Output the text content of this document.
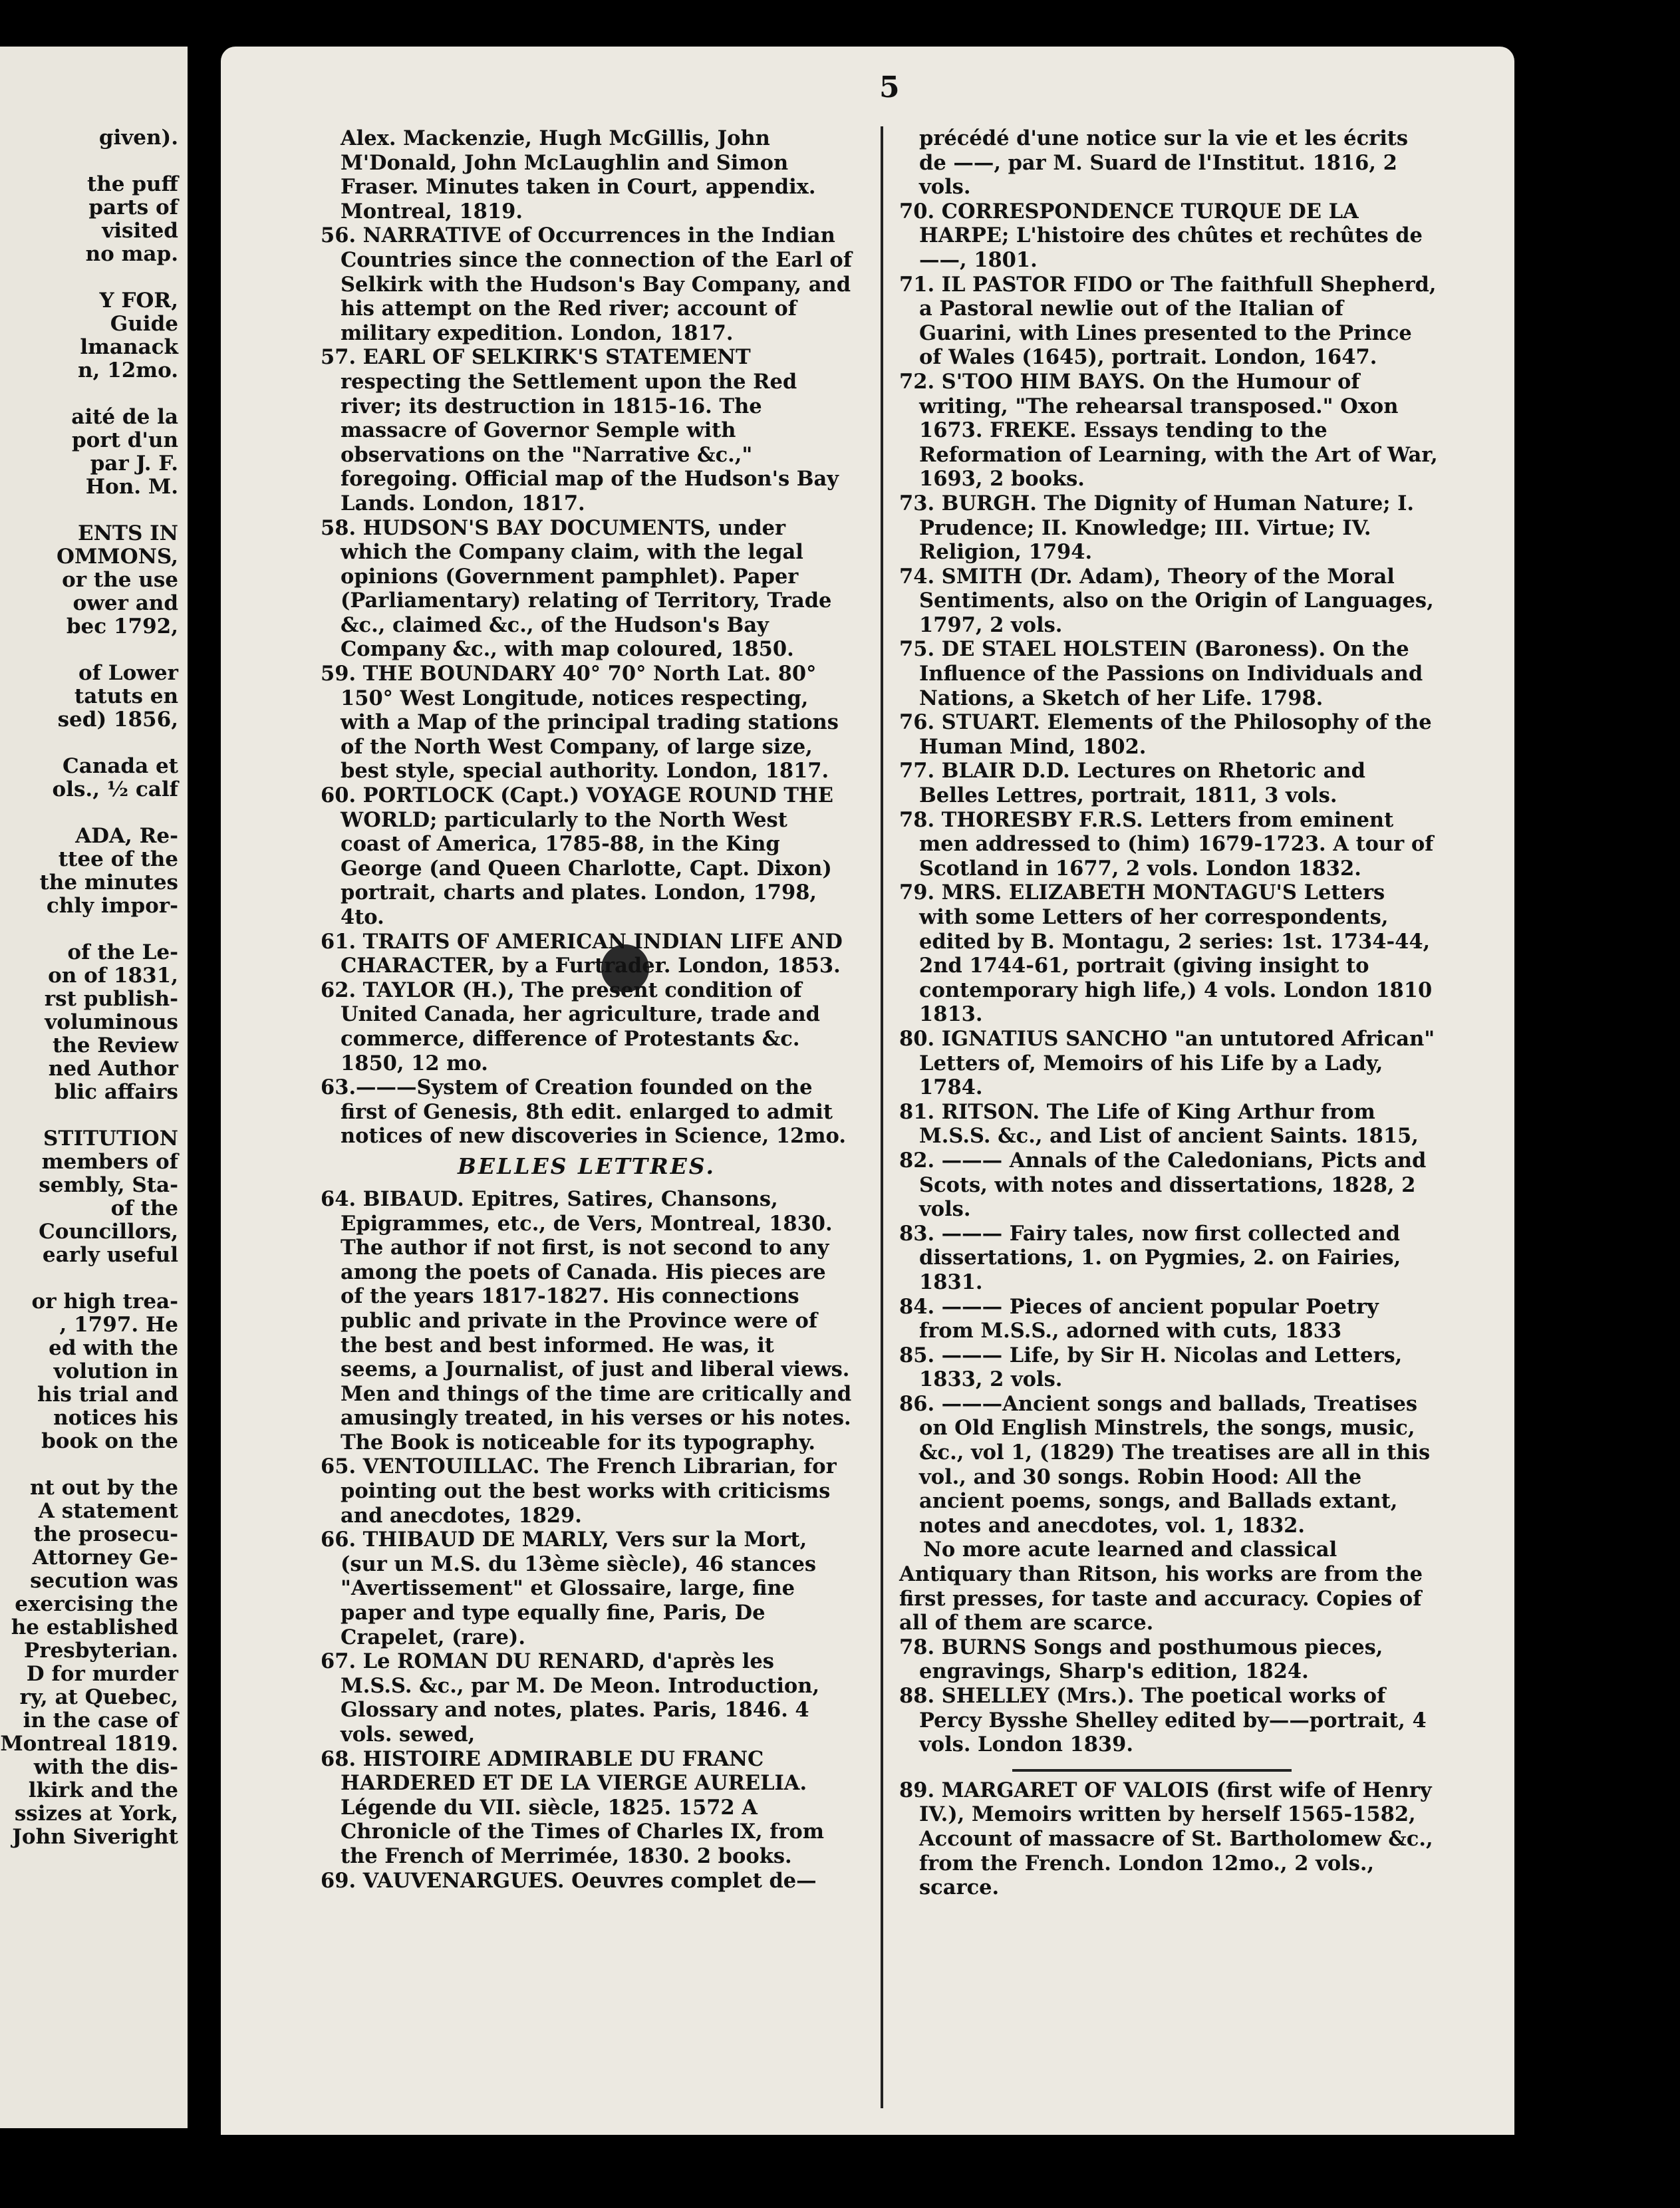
given).
the puff
parts of
visited
no map.
Y FOR,
Guide
lmanack
n, 12mo.
aité de la
port d'un
par J. F.
Hon. M.
ENTS IN
OMMONS,
or the use
ower and
bec 1792,
of Lower
tatuts en
sed) 1856,
Canada et
ols., ½ calf
ADA, Re-
ttee of the
the minutes
chly impor-
of the Le-
on of 1831,
rst publish-
voluminous
the Review
ned Author
blic affairs
STITUTION
members of
sembly, Sta-
of the
Councillors,
early useful
or high trea-
, 1797. He
ed with the
volution in
his trial and
notices his
book on the
nt out by the
A statement
the prosecu-
Attorney Ge-
secution was
exercising the
he established
Presbyterian.
D for murder
ry, at Quebec,
in the case of
Montreal 1819.
with the dis-
lkirk and the
ssizes at York,
John Siveright
5

Alex. Mackenzie, Hugh McGillis, John M'Donald, John McLaughlin and Simon Fraser. Minutes taken in Court, appendix. Montreal, 1819.

56. NARRATIVE of Occurrences in the Indian Countries since the connection of the Earl of Selkirk with the Hudson's Bay Company, and his attempt on the Red river; account of military expedition. London, 1817.

57. EARL OF SELKIRK'S STATEMENT respecting the Settlement upon the Red river; its destruction in 1815-16. The massacre of Governor Semple with observations on the "Narrative &c.," foregoing. Official map of the Hudson's Bay Lands. London, 1817.

58. HUDSON'S BAY DOCUMENTS, under which the Company claim, with the legal opinions (Government pamphlet). Paper (Parliamentary) relating of Territory, Trade &c., claimed &c., of the Hudson's Bay Company &c., with map coloured, 1850.

59. THE BOUNDARY 40° 70° North Lat. 80° 150° West Longitude, notices respecting, with a Map of the principal trading stations of the North West Company, of large size, best style, special authority. London, 1817.

60. PORTLOCK (Capt.) VOYAGE ROUND THE WORLD; particularly to the North West coast of America, 1785-88, in the King George (and Queen Charlotte, Capt. Dixon) portrait, charts and plates. London, 1798, 4to.

61. TRAITS OF AMERICAN INDIAN LIFE AND CHARACTER, by a Furtrader. London, 1853.

62. TAYLOR (H.), The present condition of United Canada, her agriculture, trade and commerce, difference of Protestants &c. 1850, 12 mo.

63.———System of Creation founded on the first of Genesis, 8th edit. enlarged to admit notices of new discoveries in Science, 12mo.

BELLES LETTRES.

64. BIBAUD. Epitres, Satires, Chansons, Epigrammes, etc., de Vers, Montreal, 1830. The author if not first, is not second to any among the poets of Canada. His pieces are of the years 1817-1827. His connections public and private in the Province were of the best and best informed. He was, it seems, a Journalist, of just and liberal views. Men and things of the time are critically and amusingly treated, in his verses or his notes. The Book is noticeable for its typography.

65. VENTOUILLAC. The French Librarian, for pointing out the best works with criticisms and anecdotes, 1829.

66. THIBAUD DE MARLY, Vers sur la Mort, (sur un M.S. du 13ème siècle), 46 stances "Avertissement" et Glossaire, large, fine paper and type equally fine, Paris, De Crapelet, (rare).

67. Le ROMAN DU RENARD, d'après les M.S.S. &c., par M. De Meon. Introduction, Glossary and notes, plates. Paris, 1846. 4 vols. sewed,

68. HISTOIRE ADMIRABLE DU FRANC HARDERED ET DE LA VIERGE AURELIA. Légende du VII. siècle, 1825. 1572 A Chronicle of the Times of Charles IX, from the French of Merrimée, 1830. 2 books.

69. VAUVENARGUES. Oeuvres complet de—

précédé d'une notice sur la vie et les écrits de ——, par M. Suard de l'Institut. 1816, 2 vols.

70. CORRESPONDENCE TURQUE DE LA HARPE; L'histoire des chûtes et rechûtes de——, 1801.

71. IL PASTOR FIDO or The faithfull Shepherd, a Pastoral newlie out of the Italian of Guarini, with Lines presented to the Prince of Wales (1645), portrait. London, 1647.

72. S'TOO HIM BAYS. On the Humour of writing, "The rehearsal transposed." Oxon 1673. FREKE. Essays tending to the Reformation of Learning, with the Art of War, 1693, 2 books.

73. BURGH. The Dignity of Human Nature; I. Prudence; II. Knowledge; III. Virtue; IV. Religion, 1794.

74. SMITH (Dr. Adam), Theory of the Moral Sentiments, also on the Origin of Languages, 1797, 2 vols.

75. DE STAEL HOLSTEIN (Baroness). On the Influence of the Passions on Individuals and Nations, a Sketch of her Life. 1798.

76. STUART. Elements of the Philosophy of the Human Mind, 1802.

77. BLAIR D.D. Lectures on Rhetoric and Belles Lettres, portrait, 1811, 3 vols.

78. THORESBY F.R.S. Letters from eminent men addressed to (him) 1679-1723. A tour of Scotland in 1677, 2 vols. London 1832.

79. MRS. ELIZABETH MONTAGU'S Letters with some Letters of her correspondents, edited by B. Montagu, 2 series: 1st. 1734-44, 2nd 1744-61, portrait (giving insight to contemporary high life,) 4 vols. London 1810 1813.

80. IGNATIUS SANCHO "an untutored African" Letters of, Memoirs of his Life by a Lady, 1784.

81. RITSON. The Life of King Arthur from M.S.S. &c., and List of ancient Saints. 1815,

82. ——— Annals of the Caledonians, Picts and Scots, with notes and dissertations, 1828, 2 vols.

83. ——— Fairy tales, now first collected and dissertations, 1. on Pygmies, 2. on Fairies, 1831.

84. ——— Pieces of ancient popular Poetry from M.S.S., adorned with cuts, 1833

85. ——— Life, by Sir H. Nicolas and Letters, 1833, 2 vols.

86. ———Ancient songs and ballads, Treatises on Old English Minstrels, the songs, music, &c., vol 1, (1829) The treatises are all in this vol., and 30 songs. Robin Hood: All the ancient poems, songs, and Ballads extant, notes and anecdotes, vol. 1, 1832.

No more acute learned and classical Antiquary than Ritson, his works are from the first presses, for taste and accuracy. Copies of all of them are scarce.

78. BURNS Songs and posthumous pieces, engravings, Sharp's edition, 1824.

88. SHELLEY (Mrs.). The poetical works of Percy Bysshe Shelley edited by——portrait, 4 vols. London 1839.

89. MARGARET OF VALOIS (first wife of Henry IV.), Memoirs written by herself 1565-1582, Account of massacre of St. Bartholomew &c., from the French. London 12mo., 2 vols., scarce.
